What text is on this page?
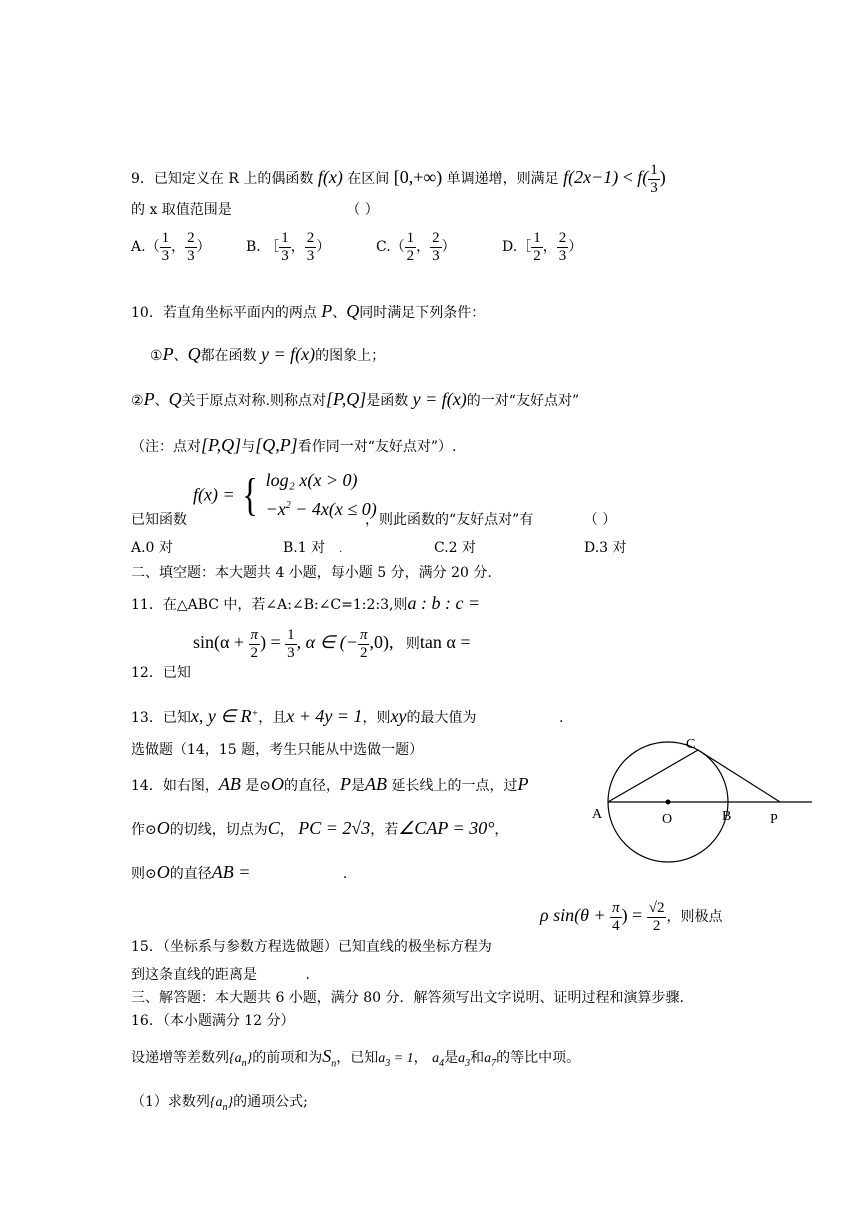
9．已知定义在 R 上的偶函数 f(x) 在区间 [0,+∞) 单调递增，则满足 $f(2x-1) < f( \frac{1}{3}$ )
的 x 取值范围是	（ ）
$A.( \frac{1}{3}$ ， $\frac{2}{3}$ ）	B. ［ $\frac{1}{3}$ ， $\frac{2}{3}$ ）	$C.( \frac{1}{2}$ ， $\frac{2}{3}$ ）	D.［ $\frac{1}{2}$ ， $\frac{2}{3}$ ）
10．若直角坐标平面内的两点 P、Q同时满足下列条件：
①P、Q都在函数 y = f(x)的图象上；
②P、Q关于原点对称.则称点对[P,Q]是函数 y = f(x)的一对“友好点对”
（注：点对[P,Q]与[Q,P]看作同一对“友好点对”）.
f(x) = { log₂ x(x > 0)
$-x^2 - 4x(x \le 0)$
已知函数	，则此函数的“友好点对”有	（ ）
A.0 对	B.1 对 .	C.2 对	D.3 对
二、填空题：本大题共 4 小题，每小题 5 分，满分 20 分.
11．在△ABC 中，若∠A:∠B:∠C=1:2:3,则a : b : c =
12．已知
$\sin(\alpha + \frac{\pi}{2}$ ) = $\frac{1}{3}$ , α ∈ (− $\frac{\pi}{2} ,0$), 则tan α =
13．已知x, y ∈ R+，且x + 4y = 1，则xy的最大值为	.
选做题（14，15 题，考生只能从中选做一题）
14．如右图，AB 是⊙O的直径，P是AB 延长线上的一点，过P
作⊙O的切线，切点为C， PC = 2√3，若∠CAP = 30°，
则⊙O的直径AB =	.
A	O	B	P
C
15．（坐标系与参数方程选做题）已知直线的极坐标方程为
ρ $\sin(\theta + \frac{\pi}{4}$ ) = $\frac{√2}{2}$ ，则极点
到这条直线的距离是	.
三、解答题：本大题共 6 小题，满分 80 分．解答须写出文字说明、证明过程和演算步骤.
16．（本小题满分 12 分）
设递增等差数列$\{a_n\}$的前项和为$S_n$，已知$a_3 = 1$， $a_4$是$a_3$和$a_7$的等比中项。
（1）求数列$\{a_n\}$的通项公式;
